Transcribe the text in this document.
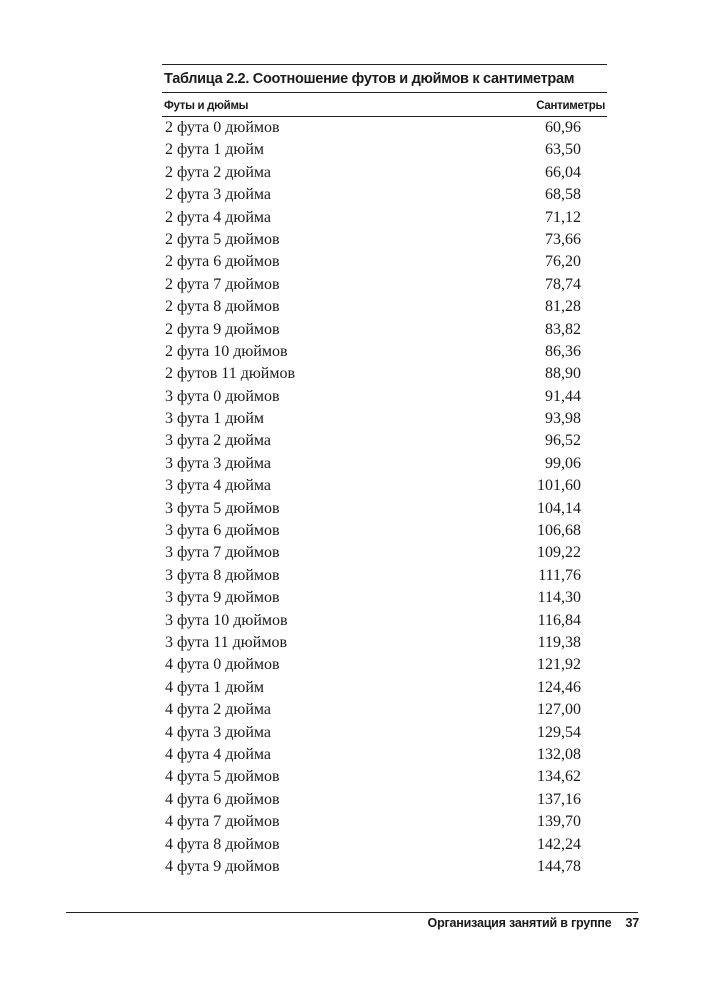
Таблица 2.2. Соотношение футов и дюймов к сантиметрам
Футы и дюймы	Сантиметры
2 фута 0 дюймов	60,96
2 фута 1 дюйм	63,50
2 фута 2 дюйма	66,04
2 фута 3 дюйма	68,58
2 фута 4 дюйма	71,12
2 фута 5 дюймов	73,66
2 фута 6 дюймов	76,20
2 фута 7 дюймов	78,74
2 фута 8 дюймов	81,28
2 фута 9 дюймов	83,82
2 фута 10 дюймов	86,36
2 футов 11 дюймов	88,90
3 фута 0 дюймов	91,44
3 фута 1 дюйм	93,98
3 фута 2 дюйма	96,52
3 фута 3 дюйма	99,06
3 фута 4 дюйма	101,60
3 фута 5 дюймов	104,14
3 фута 6 дюймов	106,68
3 фута 7 дюймов	109,22
3 фута 8 дюймов	111,76
3 фута 9 дюймов	114,30
3 фута 10 дюймов	116,84
3 фута 11 дюймов	119,38
4 фута 0 дюймов	121,92
4 фута 1 дюйм	124,46
4 фута 2 дюйма	127,00
4 фута 3 дюйма	129,54
4 фута 4 дюйма	132,08
4 фута 5 дюймов	134,62
4 фута 6 дюймов	137,16
4 фута 7 дюймов	139,70
4 фута 8 дюймов	142,24
4 фута 9 дюймов	144,78
Организация занятий в группе 37
